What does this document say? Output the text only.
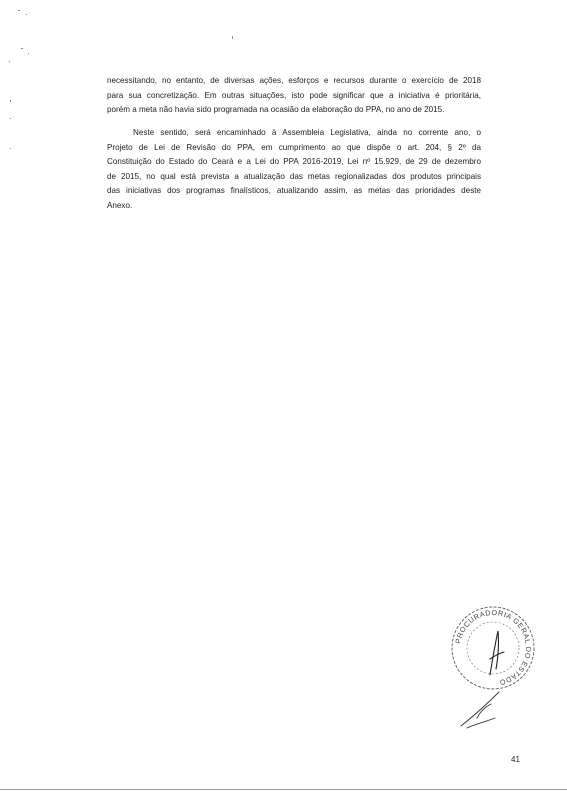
necessitando, no entanto, de diversas ações, esforços e recursos durante o exercício de 2018
para sua concretização. Em outras situações, isto pode significar que a iniciativa é prioritária,
porém a meta não havia sido programada na ocasião da elaboração do PPA, no ano de 2015.

Neste sentido, será encaminhado à Assembleia Legislativa, ainda no corrente ano, o
Projeto de Lei de Revisão do PPA, em cumprimento ao que dispõe o art. 204, § 2º da
Constituição do Estado do Ceará e a Lei do PPA 2016-2019, Lei nº 15.929, de 29 de dezembro
de 2015, no qual está prevista a atualização das metas regionalizadas dos produtos principais
das iniciativas dos programas finalísticos, atualizando assim, as metas das prioridades deste
Anexo.

PROCURADORIA GERAL DO ESTADO
41
